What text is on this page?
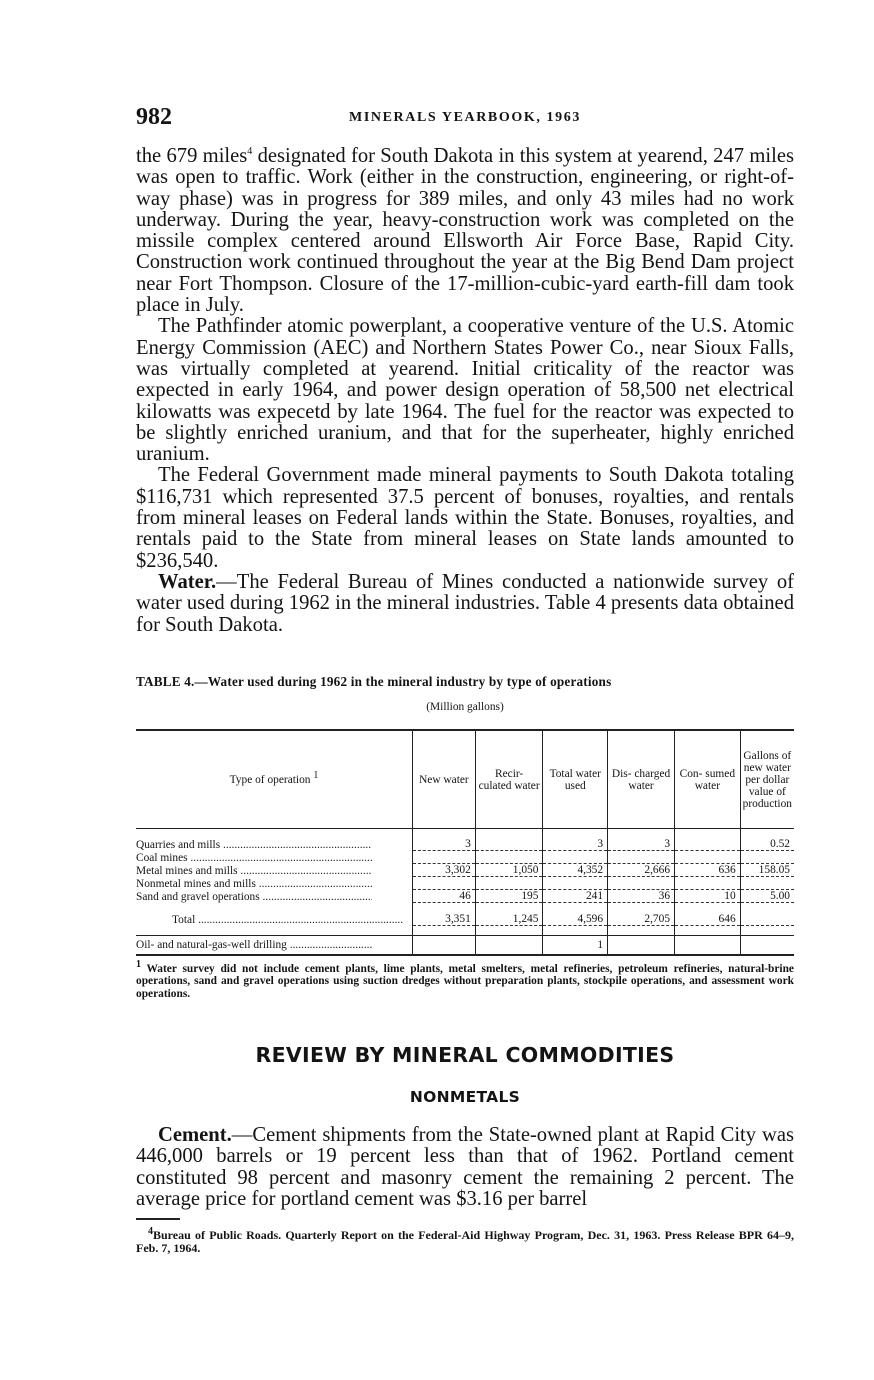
982	MINERALS YEARBOOK, 1963

the 679 miles$^4$ designated for South Dakota in this system at yearend, 247 miles was open to traffic. Work (either in the construction, engineering, or right-of-way phase) was in progress for 389 miles, and only 43 miles had no work underway. During the year, heavy-construction work was completed on the missile complex centered around Ellsworth Air Force Base, Rapid City. Construction work continued throughout the year at the Big Bend Dam project near Fort Thompson. Closure of the 17-million-cubic-yard earth-fill dam took place in July.

The Pathfinder atomic powerplant, a cooperative venture of the U.S. Atomic Energy Commission (AEC) and Northern States Power Co., near Sioux Falls, was virtually completed at yearend. Initial criticality of the reactor was expected in early 1964, and power design operation of 58,500 net electrical kilowatts was expecetd by late 1964. The fuel for the reactor was expected to be slightly enriched uranium, and that for the superheater, highly enriched uranium.

The Federal Government made mineral payments to South Dakota totaling $116,731 which represented 37.5 percent of bonuses, royalties, and rentals from mineral leases on Federal lands within the State. Bonuses, royalties, and rentals paid to the State from mineral leases on State lands amounted to $236,540.

Water.—The Federal Bureau of Mines conducted a nationwide survey of water used during 1962 in the mineral industries. Table 4 presents data obtained for South Dakota.

TABLE 4.—Water used during 1962 in the mineral industry by type of operations
(Million gallons)
Type of operation $^1$	New water	Recir- culated water	Total water used	Dis- charged water	Con- sumed water	Gallons of new water per dollar value of production

Quarries and mills .....	3		3	3		0.52

Coal mines .....

Metal mines and mills .....	3,302	1,050	4,352	2,666	636	158.05

Nonmetal mines and mills .....

Sand and gravel operations .....	46	195	241	36	10	5.00

Total .....	3,351	1,245	4,596	2,705	646	

Oil- and natural-gas-well drilling .....			1			
$^1$ Water survey did not include cement plants, lime plants, metal smelters, metal refineries, petroleum refineries, natural-brine operations, sand and gravel operations using suction dredges without preparation plants, stockpile operations, and assessment work operations.
REVIEW BY MINERAL COMMODITIES
NONMETALS

Cement.—Cement shipments from the State-owned plant at Rapid City was 446,000 barrels or 19 percent less than that of 1962. Portland cement constituted 98 percent and masonry cement the remaining 2 percent. The average price for portland cement was $3.16 per barrel

$^4$Bureau of Public Roads. Quarterly Report on the Federal-Aid Highway Program, Dec. 31, 1963. Press Release BPR 64–9, Feb. 7, 1964.
